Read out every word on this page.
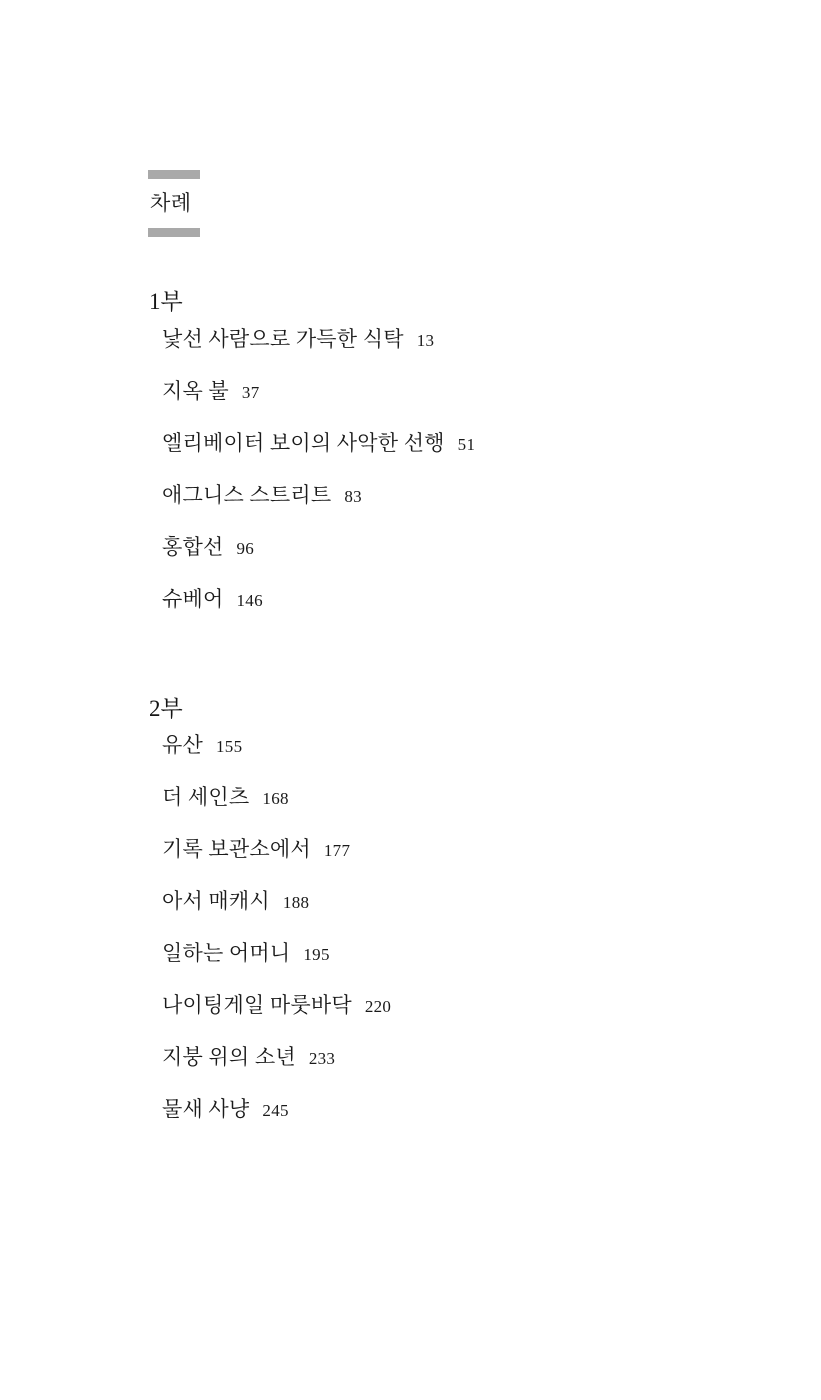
차례
1부
낯선 사람으로 가득한 식탁 13
지옥 불 37
엘리베이터 보이의 사악한 선행 51
애그니스 스트리트 83
홍합선 96
슈베어 146
2부
유산 155
더 세인츠 168
기록 보관소에서 177
아서 매캐시 188
일하는 어머니 195
나이팅게일 마룻바닥 220
지붕 위의 소년 233
물새 사냥 245
